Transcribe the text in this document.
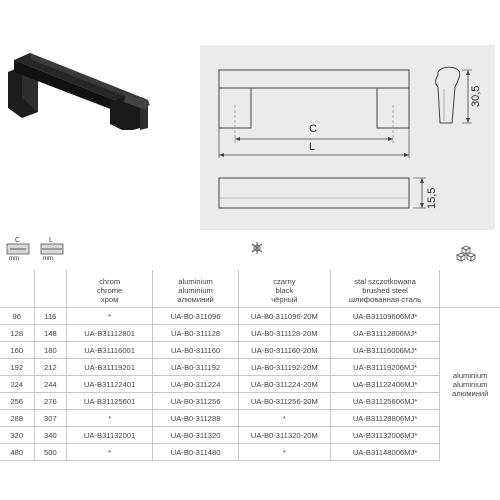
C
L
30,5
15,5
C
mm
L
mm

		chrom
chrome
хром	aluminium
aluminium
алюминий	czarny
black
чёрный	stal szczotkowana
brushed steel
шлифованная сталь	

96	116	*	UA-B0-311096	UA-B0-311096-20M	UA-B31109606MJ*	aluminium
aluminium
алюминий

128	148	UA-B31112801	UA-B0-311128	UA-B0-311128-20M	UA-B31112806MJ*	
160	180	UA-B31116001	UA-B0-311160	UA-B0-311160-20M	UA-B31116006MJ*	
192	212	UA-B31119201	UA-B0-311192	UA-B0-311192-20M	UA-B31119206MJ*	
224	244	UA-B31122401	UA-B0-311224	UA-B0-311224-20M	UA-B31122406MJ*	
256	276	UA-B31125601	UA-B0-311256	UA-B0-311256-20M	UA-B31125606MJ*	
288	307	*	UA-B0-311288	*	UA-B31128806MJ*	
320	340	UA-B31132001	UA-B0-311320	UA-B0-311320-20M	UA-B31132006MJ*	
480	500	*	UA-B0-311480	*	UA-B31148006MJ*	
